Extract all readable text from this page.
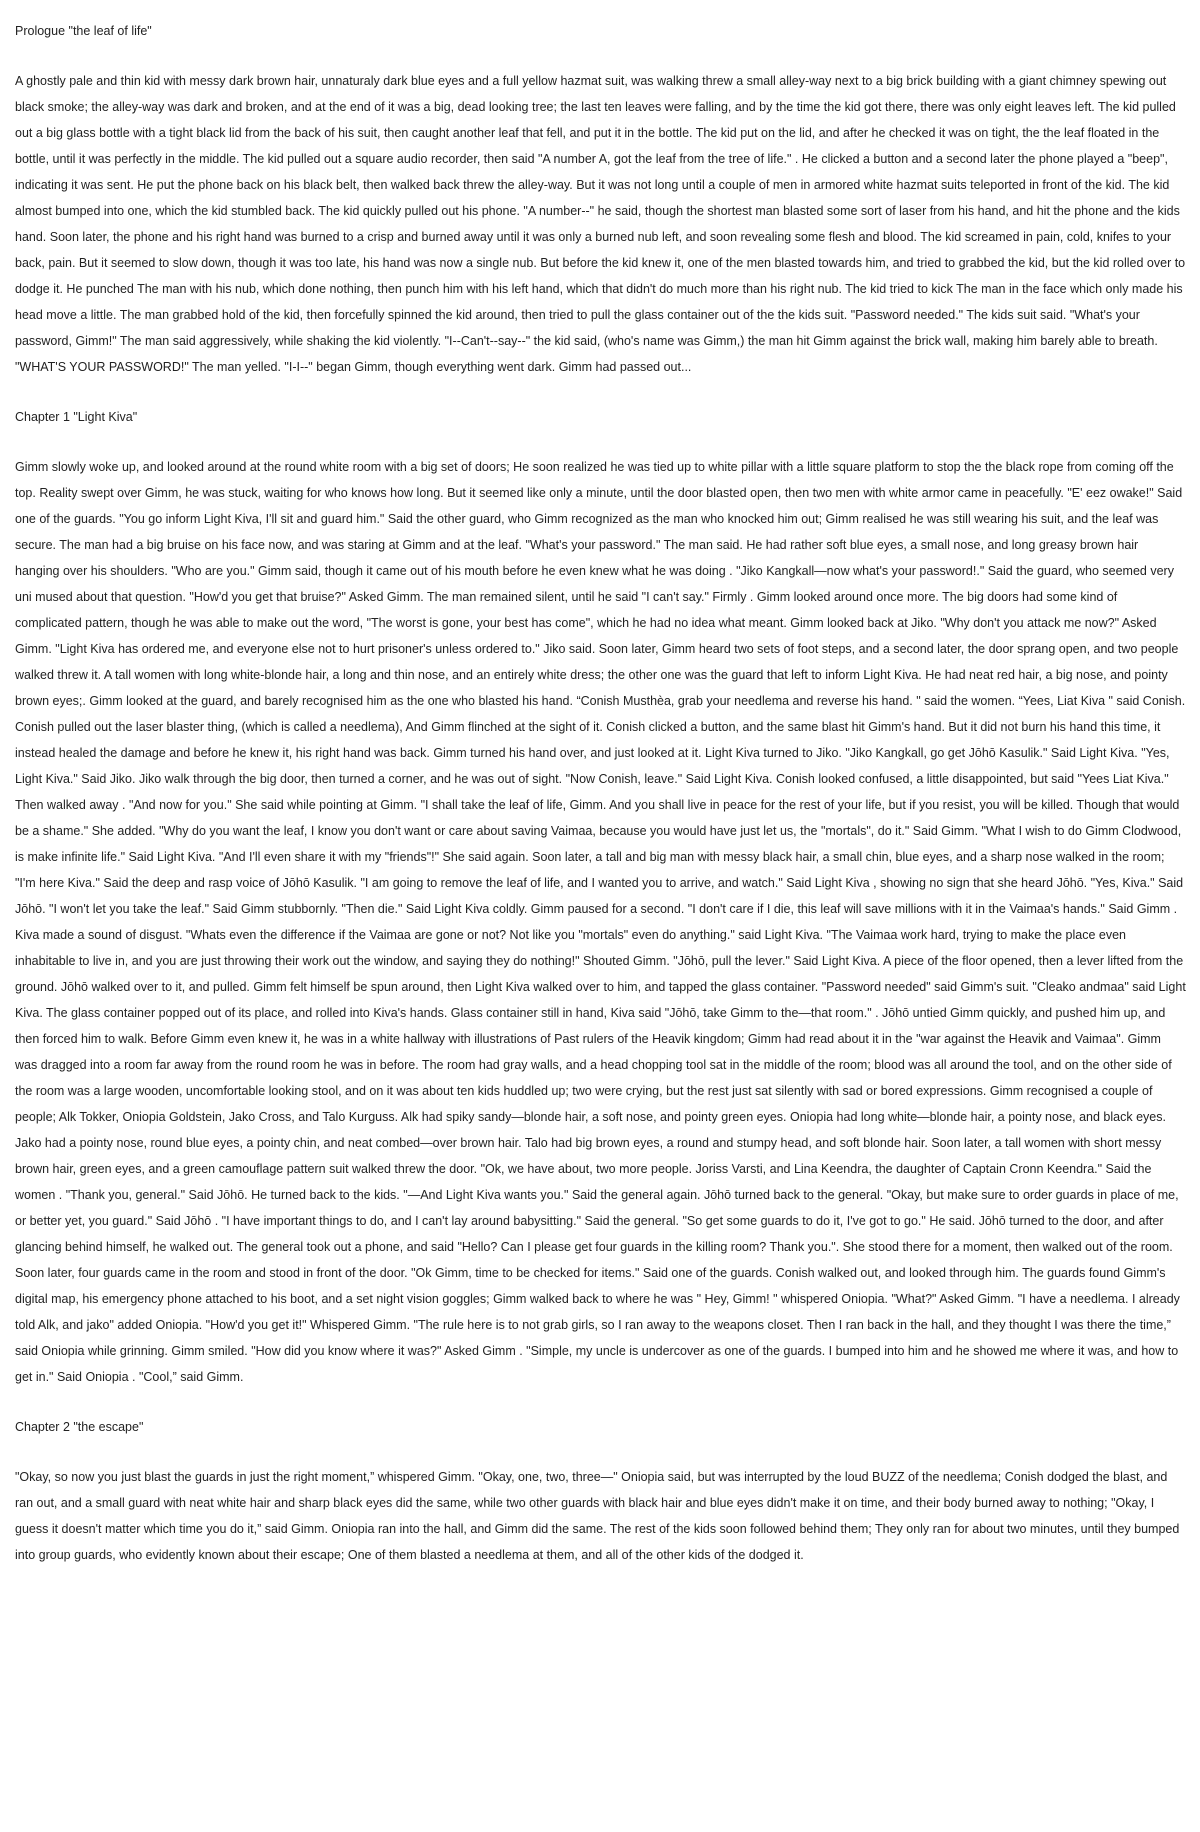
Prologue "the leaf of life"

A ghostly pale and thin kid with messy dark brown hair, unnaturaly dark blue eyes and a full yellow hazmat suit, was walking threw a small alley-way next to a big brick building with a giant chimney spewing out black smoke; the alley-way was dark and broken, and at the end of it was a big, dead looking tree; the last ten leaves were falling, and by the time the kid got there, there was only eight leaves left. The kid pulled out a big glass bottle with a tight black lid from the back of his suit, then caught another leaf that fell, and put it in the bottle. The kid put on the lid, and after he checked it was on tight, the the leaf floated in the bottle, until it was perfectly in the middle. The kid pulled out a square audio recorder, then said "A number A, got the leaf from the tree of life." . He clicked a button and a second later the phone played a "beep", indicating it was sent. He put the phone back on his black belt, then walked back threw the alley-way. But it was not long until a couple of men in armored white hazmat suits teleported in front of the kid. The kid almost bumped into one, which the kid stumbled back. The kid quickly pulled out his phone. "A number--" he said, though the shortest man blasted some sort of laser from his hand, and hit the phone and the kids hand. Soon later, the phone and his right hand was burned to a crisp and burned away until it was only a burned nub left, and soon revealing some flesh and blood. The kid screamed in pain, cold, knifes to your back, pain. But it seemed to slow down, though it was too late, his hand was now a single nub. But before the kid knew it, one of the men blasted towards him, and tried to grabbed the kid, but the kid rolled over to dodge it. He punched The man with his nub, which done nothing, then punch him with his left hand, which that didn't do much more than his right nub. The kid tried to kick The man in the face which only made his head move a little. The man grabbed hold of the kid, then forcefully spinned the kid around, then tried to pull the glass container out of the the kids suit. "Password needed." The kids suit said. "What's your password, Gimm!" The man said aggressively, while shaking the kid violently. "I--Can't--say--" the kid said, (who's name was Gimm,) the man hit Gimm against the brick wall, making him barely able to breath. "WHAT'S YOUR PASSWORD!" The man yelled. "I-I--" began Gimm, though everything went dark. Gimm had passed out...

Chapter 1 "Light Kiva"

Gimm slowly woke up, and looked around at the round white room with a big set of doors; He soon realized he was tied up to white pillar with a little square platform to stop the the black rope from coming off the top. Reality swept over Gimm, he was stuck, waiting for who knows how long. But it seemed like only a minute, until the door blasted open, then two men with white armor came in peacefully. "E' eez owake!" Said one of the guards. "You go inform Light Kiva, I'll sit and guard him." Said the other guard, who Gimm recognized as the man who knocked him out; Gimm realised he was still wearing his suit, and the leaf was secure. The man had a big bruise on his face now, and was staring at Gimm and at the leaf. "What's your password." The man said. He had rather soft blue eyes, a small nose, and long greasy brown hair hanging over his shoulders. "Who are you." Gimm said, though it came out of his mouth before he even knew what he was doing . "Jiko Kangkall—now what's your password!." Said the guard, who seemed very uni mused about that question. "How'd you get that bruise?" Asked Gimm. The man remained silent, until he said "I can't say." Firmly . Gimm looked around once more. The big doors had some kind of complicated pattern, though he was able to make out the word, "The worst is gone, your best has come", which he had no idea what meant. Gimm looked back at Jiko. "Why don't you attack me now?" Asked Gimm. "Light Kiva has ordered me, and everyone else not to hurt prisoner's unless ordered to." Jiko said. Soon later, Gimm heard two sets of foot steps, and a second later, the door sprang open, and two people walked threw it. A tall women with long white-blonde hair, a long and thin nose, and an entirely white dress; the other one was the guard that left to inform Light Kiva. He had neat red hair, a big nose, and pointy brown eyes;. Gimm looked at the guard, and barely recognised him as the one who blasted his hand. “Conish Musthèa, grab your needlema and reverse his hand. " said the women. “Yees, Liat Kiva " said Conish. Conish pulled out the laser blaster thing, (which is called a needlema), And Gimm flinched at the sight of it. Conish clicked a button, and the same blast hit Gimm's hand. But it did not burn his hand this time, it instead healed the damage and before he knew it, his right hand was back. Gimm turned his hand over, and just looked at it. Light Kiva turned to Jiko. "Jiko Kangkall, go get Jōhō Kasulik." Said Light Kiva. "Yes, Light Kiva." Said Jiko. Jiko walk through the big door, then turned a corner, and he was out of sight. "Now Conish, leave." Said Light Kiva. Conish looked confused, a little disappointed, but said "Yees Liat Kiva." Then walked away . "And now for you." She said while pointing at Gimm. "I shall take the leaf of life, Gimm. And you shall live in peace for the rest of your life, but if you resist, you will be killed. Though that would be a shame." She added. "Why do you want the leaf, I know you don't want or care about saving Vaimaa, because you would have just let us, the "mortals", do it." Said Gimm. "What I wish to do Gimm Clodwood, is make infinite life." Said Light Kiva. "And I'll even share it with my "friends"!" She said again. Soon later, a tall and big man with messy black hair, a small chin, blue eyes, and a sharp nose walked in the room; "I'm here Kiva." Said the deep and rasp voice of Jōhō Kasulik. "I am going to remove the leaf of life, and I wanted you to arrive, and watch." Said Light Kiva , showing no sign that she heard Jōhō. "Yes, Kiva." Said Jōhō. "I won't let you take the leaf." Said Gimm stubbornly. "Then die." Said Light Kiva coldly. Gimm paused for a second. "I don't care if I die, this leaf will save millions with it in the Vaimaa's hands." Said Gimm . Kiva made a sound of disgust. "Whats even the difference if the Vaimaa are gone or not? Not like you "mortals" even do anything." said Light Kiva. "The Vaimaa work hard, trying to make the place even inhabitable to live in, and you are just throwing their work out the window, and saying they do nothing!" Shouted Gimm. "Jōhō, pull the lever." Said Light Kiva. A piece of the floor opened, then a lever lifted from the ground. Jōhō walked over to it, and pulled. Gimm felt himself be spun around, then Light Kiva walked over to him, and tapped the glass container. "Password needed" said Gimm's suit. "Cleako andmaa" said Light Kiva. The glass container popped out of its place, and rolled into Kiva's hands. Glass container still in hand, Kiva said "Jōhō, take Gimm to the—that room." . Jōhō untied Gimm quickly, and pushed him up, and then forced him to walk. Before Gimm even knew it, he was in a white hallway with illustrations of Past rulers of the Heavik kingdom; Gimm had read about it in the "war against the Heavik and Vaimaa". Gimm was dragged into a room far away from the round room he was in before. The room had gray walls, and a head chopping tool sat in the middle of the room; blood was all around the tool, and on the other side of the room was a large wooden, uncomfortable looking stool, and on it was about ten kids huddled up; two were crying, but the rest just sat silently with sad or bored expressions. Gimm recognised a couple of people; Alk Tokker, Oniopia Goldstein, Jako Cross, and Talo Kurguss. Alk had spiky sandy—blonde hair, a soft nose, and pointy green eyes. Oniopia had long white—blonde hair, a pointy nose, and black eyes. Jako had a pointy nose, round blue eyes, a pointy chin, and neat combed—over brown hair. Talo had big brown eyes, a round and stumpy head, and soft blonde hair. Soon later, a tall women with short messy brown hair, green eyes, and a green camouflage pattern suit walked threw the door. "Ok, we have about, two more people. Joriss Varsti, and Lina Keendra, the daughter of Captain Cronn Keendra." Said the women . "Thank you, general." Said Jōhō. He turned back to the kids. "—And Light Kiva wants you." Said the general again. Jōhō turned back to the general. "Okay, but make sure to order guards in place of me, or better yet, you guard." Said Jōhō . "I have important things to do, and I can't lay around babysitting." Said the general. "So get some guards to do it, I've got to go." He said. Jōhō turned to the door, and after glancing behind himself, he walked out. The general took out a phone, and said "Hello? Can I please get four guards in the killing room? Thank you.". She stood there for a moment, then walked out of the room. Soon later, four guards came in the room and stood in front of the door. "Ok Gimm, time to be checked for items." Said one of the guards. Conish walked out, and looked through him. The guards found Gimm's digital map, his emergency phone attached to his boot, and a set night vision goggles; Gimm walked back to where he was " Hey, Gimm! " whispered Oniopia. "What?" Asked Gimm. "I have a needlema. I already told Alk, and jako" added Oniopia. "How'd you get it!" Whispered Gimm. "The rule here is to not grab girls, so I ran away to the weapons closet. Then I ran back in the hall, and they thought I was there the time,” said Oniopia while grinning. Gimm smiled. "How did you know where it was?" Asked Gimm . "Simple, my uncle is undercover as one of the guards. I bumped into him and he showed me where it was, and how to get in." Said Oniopia . "Cool,” said Gimm.

Chapter 2 "the escape"

"Okay, so now you just blast the guards in just the right moment,” whispered Gimm. "Okay, one, two, three—" Oniopia said, but was interrupted by the loud BUZZ of the needlema; Conish dodged the blast, and ran out, and a small guard with neat white hair and sharp black eyes did the same, while two other guards with black hair and blue eyes didn't make it on time, and their body burned away to nothing; "Okay, I guess it doesn't matter which time you do it,” said Gimm. Oniopia ran into the hall, and Gimm did the same. The rest of the kids soon followed behind them; They only ran for about two minutes, until they bumped into group guards, who evidently known about their escape; One of them blasted a needlema at them, and all of the other kids of the dodged it.
